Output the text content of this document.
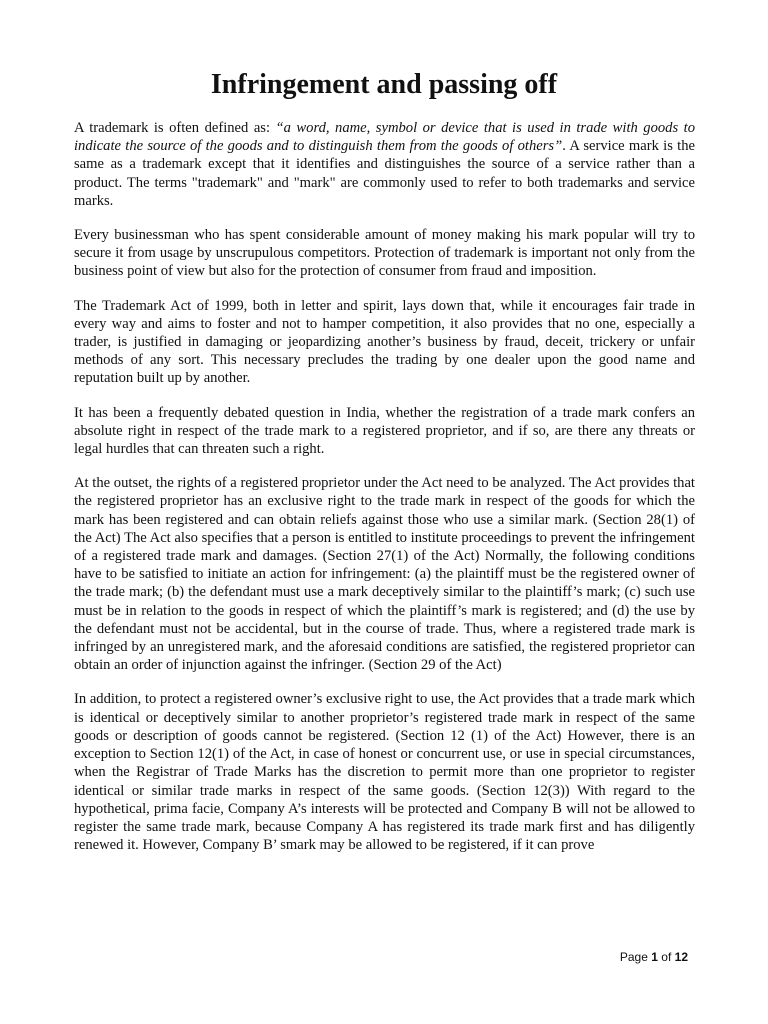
Infringement and passing off

A trademark is often defined as: “a word, name, symbol or device that is used in trade with goods to indicate the source of the goods and to distinguish them from the goods of others”. A service mark is the same as a trademark except that it identifies and distinguishes the source of a service rather than a product. The terms "trademark" and "mark" are commonly used to refer to both trademarks and service marks.

Every businessman who has spent considerable amount of money making his mark popular will try to secure it from usage by unscrupulous competitors. Protection of trademark is important not only from the business point of view but also for the protection of consumer from fraud and imposition.

The Trademark Act of 1999, both in letter and spirit, lays down that, while it encourages fair trade in every way and aims to foster and not to hamper competition, it also provides that no one, especially a trader, is justified in damaging or jeopardizing another’s business by fraud, deceit, trickery or unfair methods of any sort. This necessary precludes the trading by one dealer upon the good name and reputation built up by another.

It has been a frequently debated question in India, whether the registration of a trade mark confers an absolute right in respect of the trade mark to a registered proprietor, and if so, are there any threats or legal hurdles that can threaten such a right.

At the outset, the rights of a registered proprietor under the Act need to be analyzed. The Act provides that the registered proprietor has an exclusive right to the trade mark in respect of the goods for which the mark has been registered and can obtain reliefs against those who use a similar mark. (Section 28(1) of the Act) The Act also specifies that a person is entitled to institute proceedings to prevent the infringement of a registered trade mark and damages. (Section 27(1) of the Act) Normally, the following conditions have to be satisfied to initiate an action for infringement: (a) the plaintiff must be the registered owner of the trade mark; (b) the defendant must use a mark deceptively similar to the plaintiff’s mark; (c) such use must be in relation to the goods in respect of which the plaintiff’s mark is registered; and (d) the use by the defendant must not be accidental, but in the course of trade. Thus, where a registered trade mark is infringed by an unregistered mark, and the aforesaid conditions are satisfied, the registered proprietor can obtain an order of injunction against the infringer. (Section 29 of the Act)

In addition, to protect a registered owner’s exclusive right to use, the Act provides that a trade mark which is identical or deceptively similar to another proprietor’s registered trade mark in respect of the same goods or description of goods cannot be registered. (Section 12 (1) of the Act) However, there is an exception to Section 12(1) of the Act, in case of honest or concurrent use, or use in special circumstances, when the Registrar of Trade Marks has the discretion to permit more than one proprietor to register identical or similar trade marks in respect of the same goods. (Section 12(3)) With regard to the hypothetical, prima facie, Company A’s interests will be protected and Company B will not be allowed to register the same trade mark, because Company A has registered its trade mark first and has diligently renewed it. However, Company B’ smark may be allowed to be registered, if it can prove

Page 1 of 12
